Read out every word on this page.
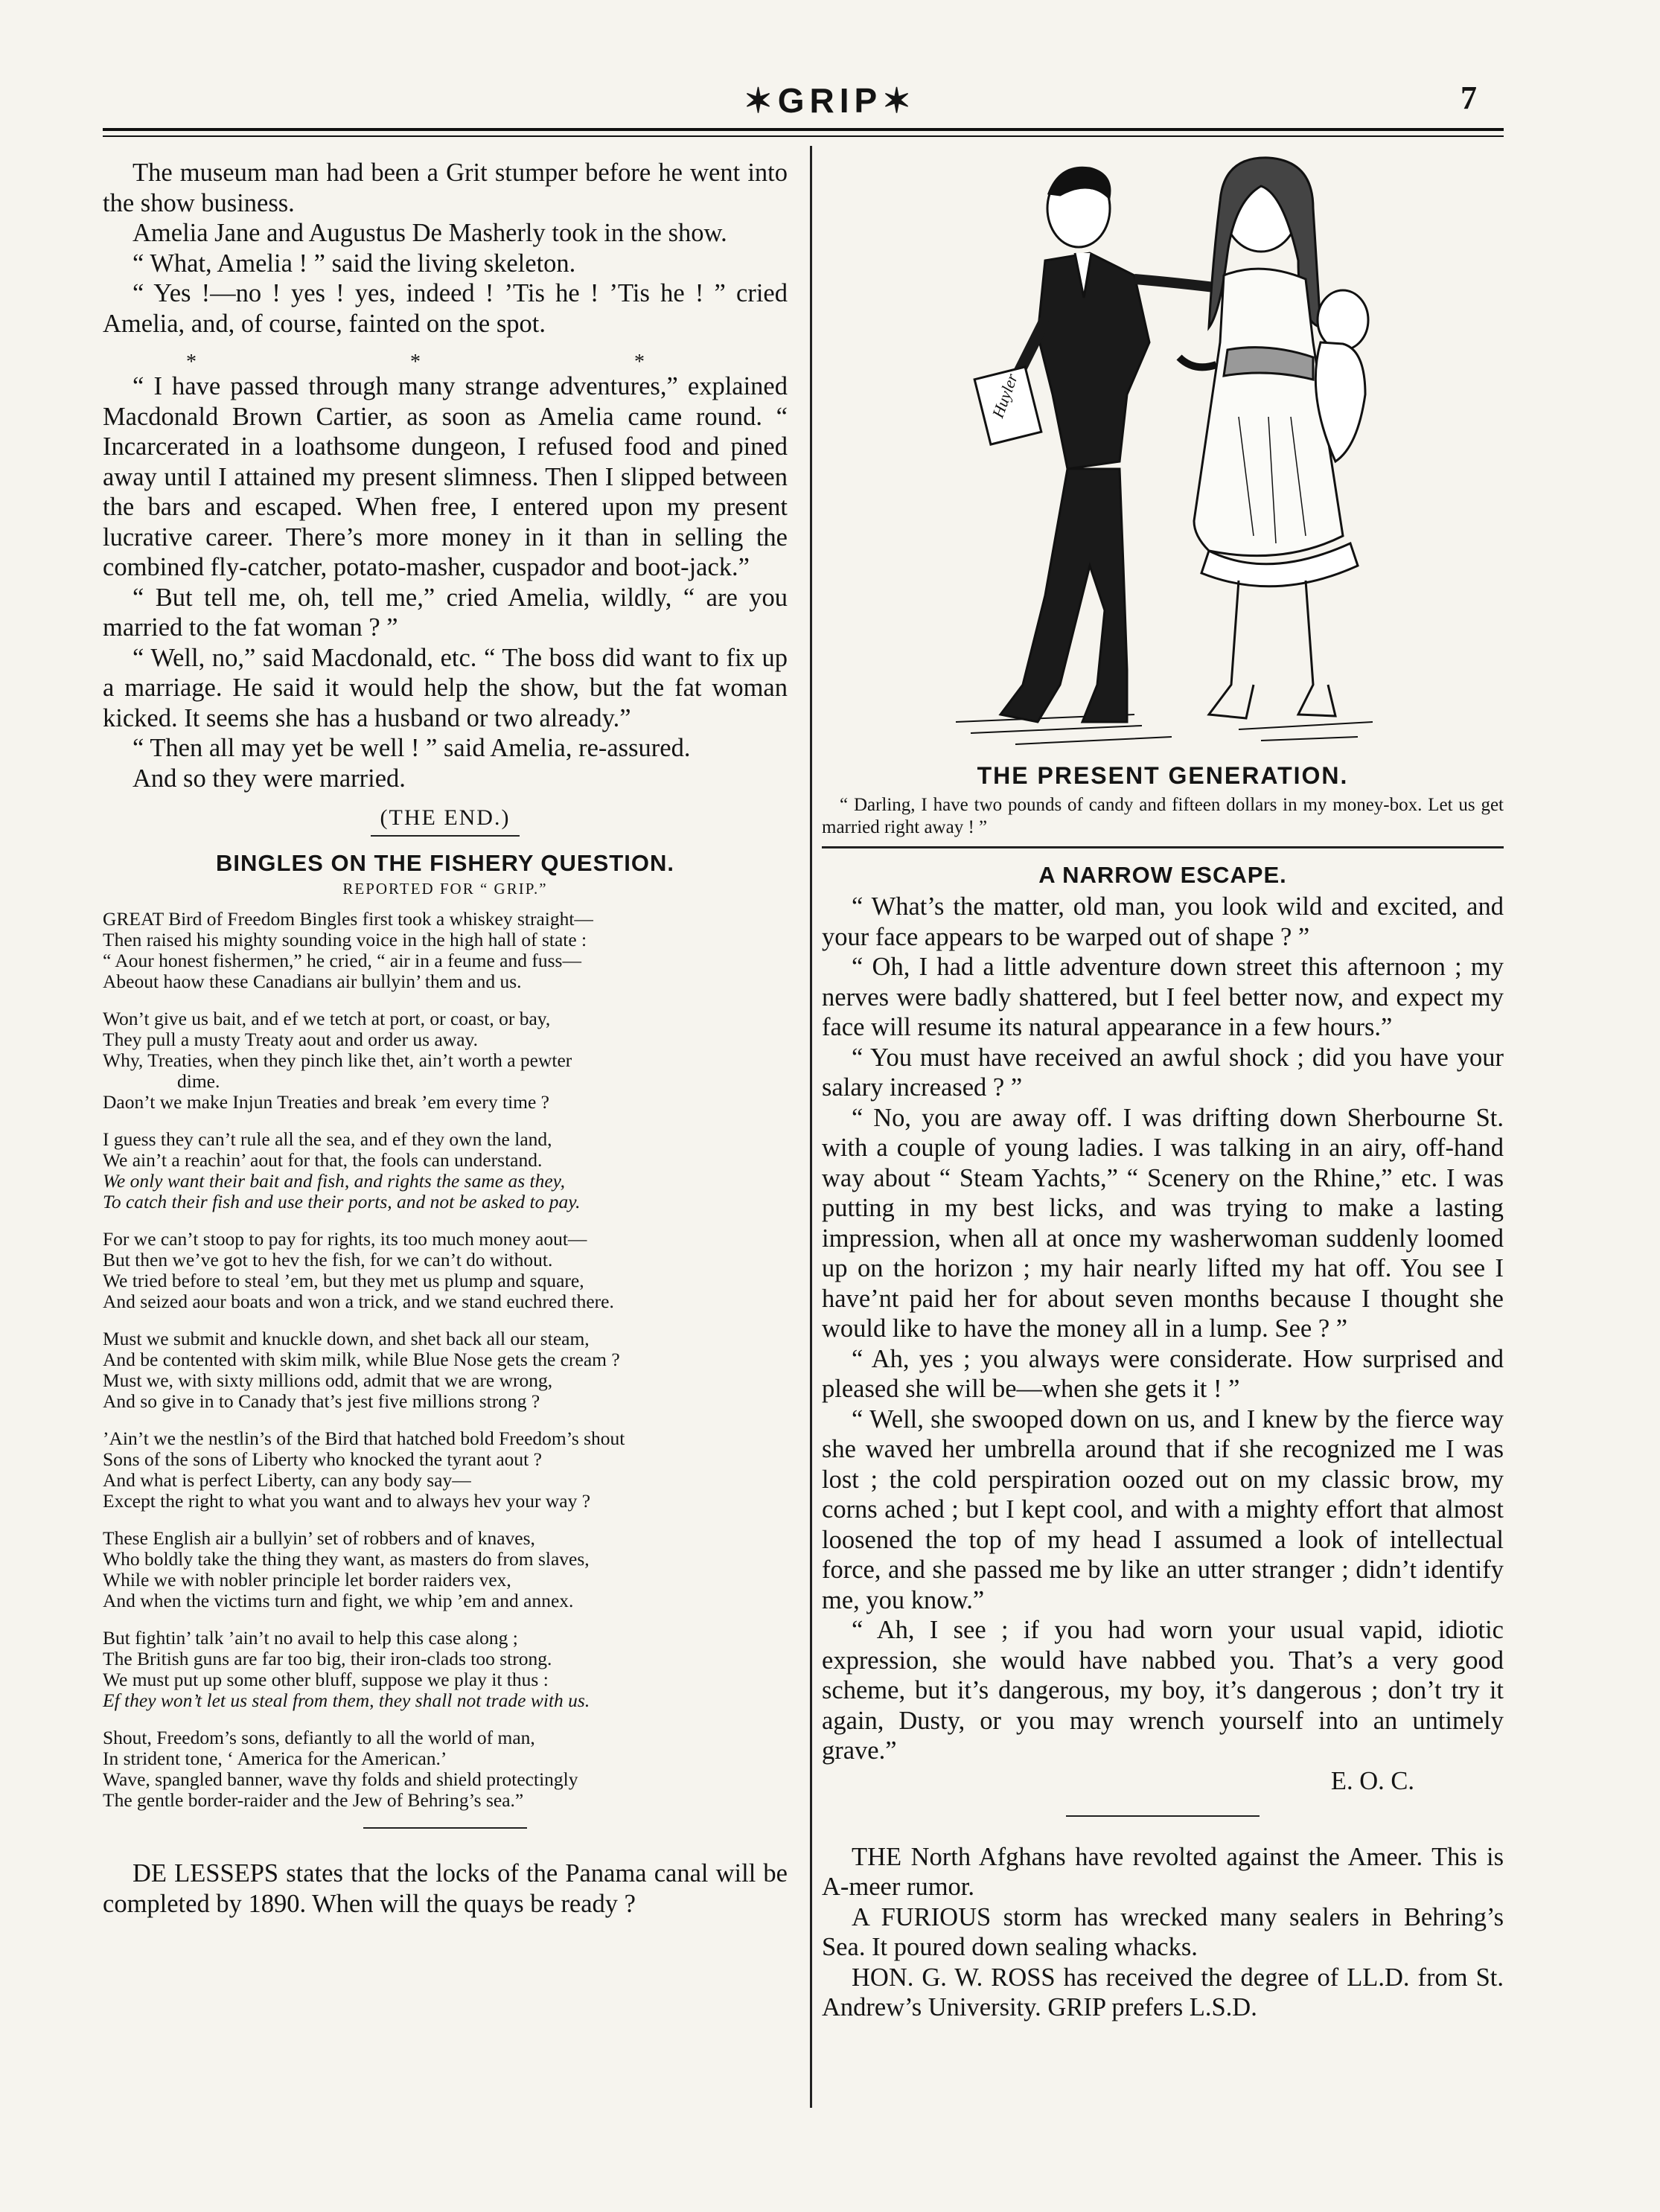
✶GRIP✶	7

The museum man had been a Grit stumper before he went into the show business.

Amelia Jane and Augustus De Masherly took in the show.

“ What, Amelia ! ” said the living skeleton.

“ Yes !—no ! yes ! yes, indeed ! ’Tis he ! ’Tis he ! ” cried Amelia, and, of course, fainted on the spot.

* * *

“ I have passed through many strange adventures,” explained Macdonald Brown Cartier, as soon as Amelia came round. “ Incarcerated in a loathsome dungeon, I refused food and pined away until I attained my present slimness. Then I slipped between the bars and escaped. When free, I entered upon my present lucrative career. There’s more money in it than in selling the combined fly-catcher, potato-masher, cuspador and boot-jack.”

“ But tell me, oh, tell me,” cried Amelia, wildly, “ are you married to the fat woman ? ”

“ Well, no,” said Macdonald, etc. “ The boss did want to fix up a marriage. He said it would help the show, but the fat woman kicked. It seems she has a husband or two already.”

“ Then all may yet be well ! ” said Amelia, re-assured.

And so they were married.

(THE END.)
BINGLES ON THE FISHERY QUESTION.
REPORTED FOR “ GRIP.”
GREAT Bird of Freedom Bingles first took a whiskey straight—
Then raised his mighty sounding voice in the high hall of state :
“ Aour honest fishermen,” he cried, “ air in a feume and fuss—
Abeout haow these Canadians air bullyin’ them and us.
Won’t give us bait, and ef we tetch at port, or coast, or bay,
They pull a musty Treaty aout and order us away.
Why, Treaties, when they pinch like thet, ain’t worth a pewter
dime.
Daon’t we make Injun Treaties and break ’em every time ?
I guess they can’t rule all the sea, and ef they own the land,
We ain’t a reachin’ aout for that, the fools can understand.
We only want their bait and fish, and rights the same as they,
To catch their fish and use their ports, and not be asked to pay.
For we can’t stoop to pay for rights, its too much money aout—
But then we’ve got to hev the fish, for we can’t do without.
We tried before to steal ’em, but they met us plump and square,
And seized aour boats and won a trick, and we stand euchred there.
Must we submit and knuckle down, and shet back all our steam,
And be contented with skim milk, while Blue Nose gets the cream ?
Must we, with sixty millions odd, admit that we are wrong,
And so give in to Canady that’s jest five millions strong ?
’Ain’t we the nestlin’s of the Bird that hatched bold Freedom’s shout
Sons of the sons of Liberty who knocked the tyrant aout ?
And what is perfect Liberty, can any body say—
Except the right to what you want and to always hev your way ?
These English air a bullyin’ set of robbers and of knaves,
Who boldly take the thing they want, as masters do from slaves,
While we with nobler principle let border raiders vex,
And when the victims turn and fight, we whip ’em and annex.
But fightin’ talk ’ain’t no avail to help this case along ;
The British guns are far too big, their iron-clads too strong.
We must put up some other bluff, suppose we play it thus :
Ef they won’t let us steal from them, they shall not trade with us.
Shout, Freedom’s sons, defiantly to all the world of man,
In strident tone, ‘ America for the American.’
Wave, spangled banner, wave thy folds and shield protectingly
The gentle border-raider and the Jew of Behring’s sea.”

DE LESSEPS states that the locks of the Panama canal will be completed by 1890. When will the quays be ready ?

Huyler
THE PRESENT GENERATION.

“ Darling, I have two pounds of candy and fifteen dollars in my money-box. Let us get married right away ! ”

A NARROW ESCAPE.

“ What’s the matter, old man, you look wild and excited, and your face appears to be warped out of shape ? ”

“ Oh, I had a little adventure down street this afternoon ; my nerves were badly shattered, but I feel better now, and expect my face will resume its natural appearance in a few hours.”

“ You must have received an awful shock ; did you have your salary increased ? ”

“ No, you are away off. I was drifting down Sherbourne St. with a couple of young ladies. I was talking in an airy, off-hand way about “ Steam Yachts,” “ Scenery on the Rhine,” etc. I was putting in my best licks, and was trying to make a lasting impression, when all at once my washerwoman suddenly loomed up on the horizon ; my hair nearly lifted my hat off. You see I have’nt paid her for about seven months because I thought she would like to have the money all in a lump. See ? ”

“ Ah, yes ; you always were considerate. How surprised and pleased she will be—when she gets it ! ”

“ Well, she swooped down on us, and I knew by the fierce way she waved her umbrella around that if she recognized me I was lost ; the cold perspiration oozed out on my classic brow, my corns ached ; but I kept cool, and with a mighty effort that almost loosened the top of my head I assumed a look of intellectual force, and she passed me by like an utter stranger ; didn’t identify me, you know.”

“ Ah, I see ; if you had worn your usual vapid, idiotic expression, she would have nabbed you. That’s a very good scheme, but it’s dangerous, my boy, it’s dangerous ; don’t try it again, Dusty, or you may wrench yourself into an untimely grave.”

E. O. C.

THE North Afghans have revolted against the Ameer. This is A-meer rumor.

A FURIOUS storm has wrecked many sealers in Behring’s Sea. It poured down sealing whacks.

HON. G. W. ROSS has received the degree of LL.D. from St. Andrew’s University. GRIP prefers L.S.D.
